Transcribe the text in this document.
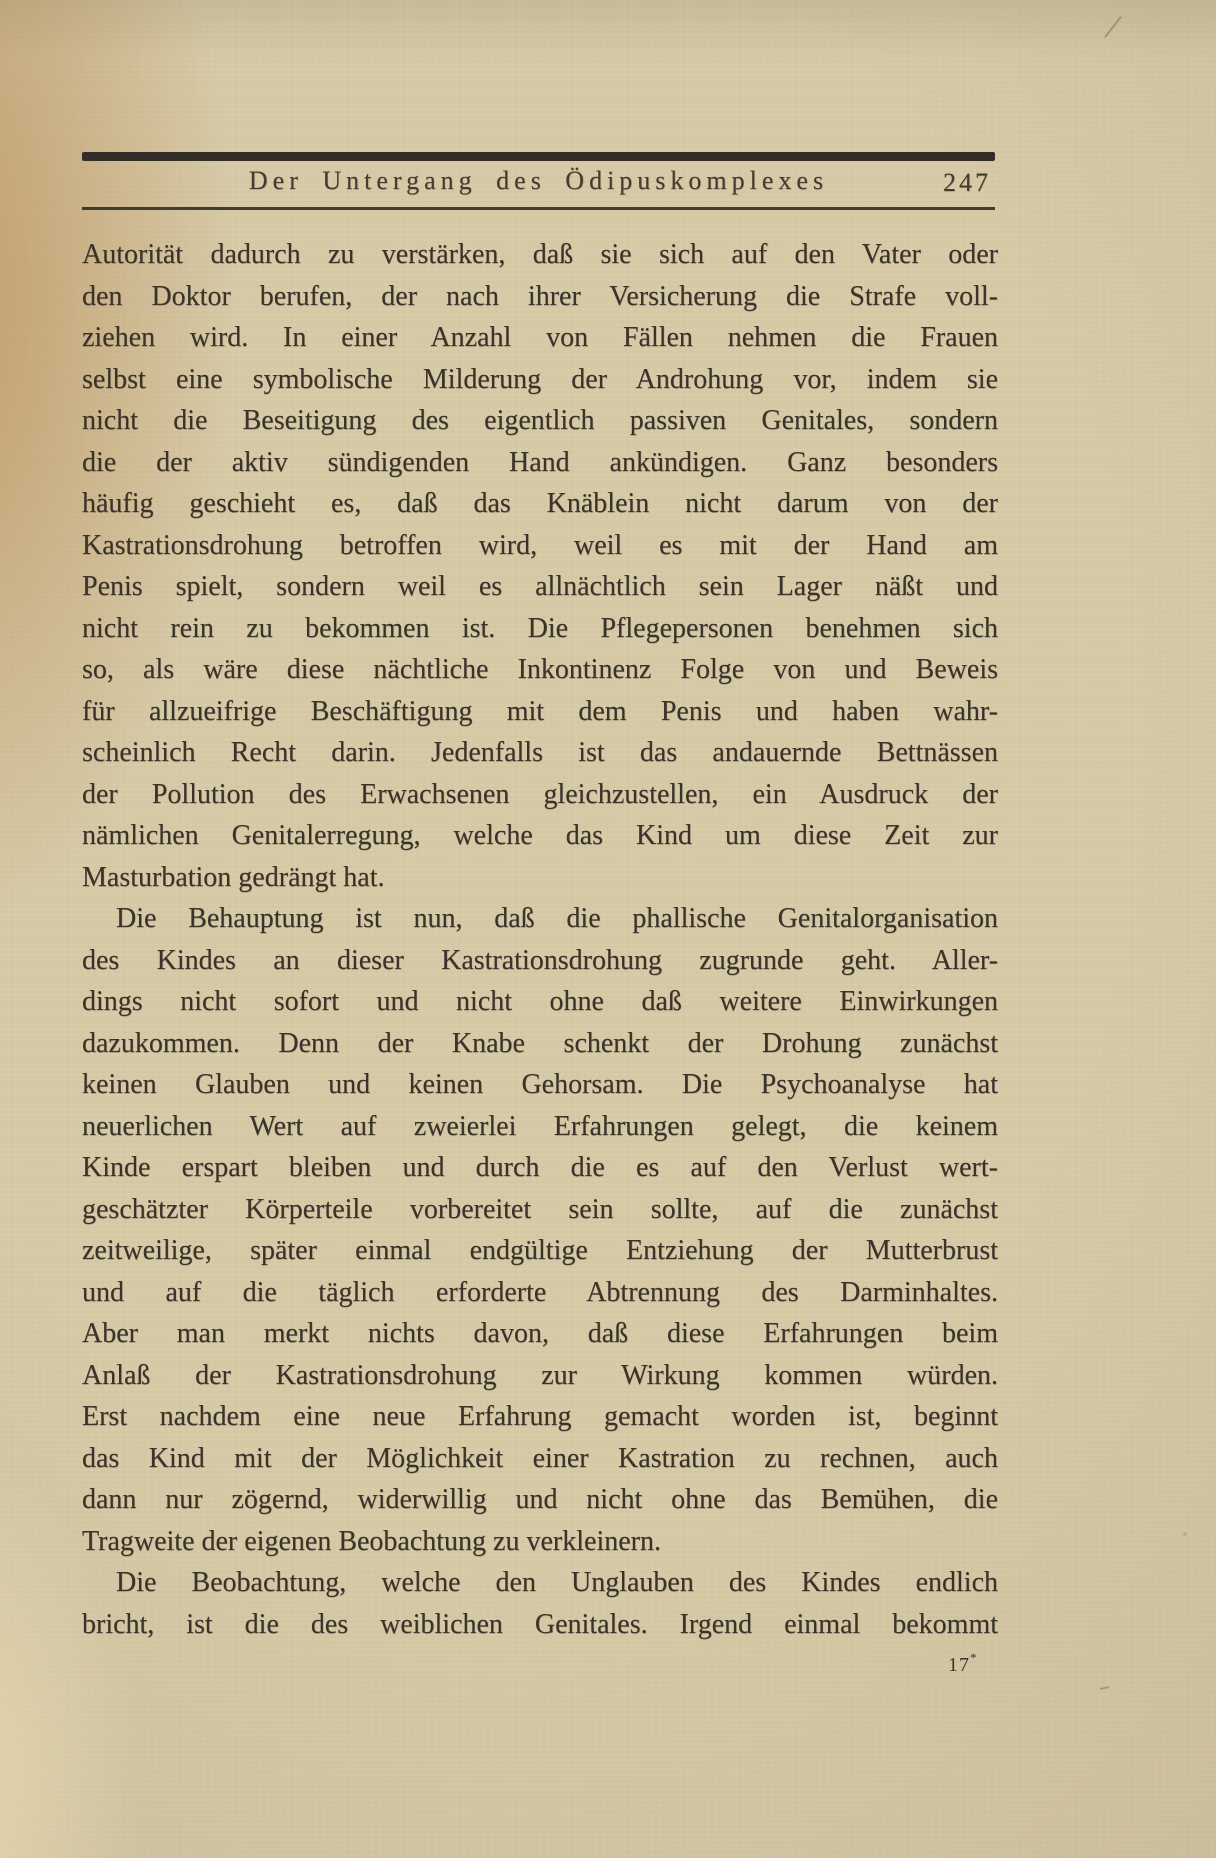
Der Untergang des Ödipuskomplexes	247
Autorität dadurch zu verstärken, daß sie sich auf den Vater oder
den Doktor berufen, der nach ihrer Versicherung die Strafe voll-
ziehen wird. In einer Anzahl von Fällen nehmen die Frauen
selbst eine symbolische Milderung der Androhung vor, indem sie
nicht die Beseitigung des eigentlich passiven Genitales, sondern
die der aktiv sündigenden Hand ankündigen. Ganz besonders
häufig geschieht es, daß das Knäblein nicht darum von der
Kastrationsdrohung betroffen wird, weil es mit der Hand am
Penis spielt, sondern weil es allnächtlich sein Lager näßt und
nicht rein zu bekommen ist. Die Pflegepersonen benehmen sich
so, als wäre diese nächtliche Inkontinenz Folge von und Beweis
für allzueifrige Beschäftigung mit dem Penis und haben wahr-
scheinlich Recht darin. Jedenfalls ist das andauernde Bettnässen
der Pollution des Erwachsenen gleichzustellen, ein Ausdruck der
nämlichen Genitalerregung, welche das Kind um diese Zeit zur
Masturbation gedrängt hat.
Die Behauptung ist nun, daß die phallische Genitalorganisation
des Kindes an dieser Kastrationsdrohung zugrunde geht. Aller-
dings nicht sofort und nicht ohne daß weitere Einwirkungen
dazukommen. Denn der Knabe schenkt der Drohung zunächst
keinen Glauben und keinen Gehorsam. Die Psychoanalyse hat
neuerlichen Wert auf zweierlei Erfahrungen gelegt, die keinem
Kinde erspart bleiben und durch die es auf den Verlust wert-
geschätzter Körperteile vorbereitet sein sollte, auf die zunächst
zeitweilige, später einmal endgültige Entziehung der Mutterbrust
und auf die täglich erforderte Abtrennung des Darminhaltes.
Aber man merkt nichts davon, daß diese Erfahrungen beim
Anlaß der Kastrationsdrohung zur Wirkung kommen würden.
Erst nachdem eine neue Erfahrung gemacht worden ist, beginnt
das Kind mit der Möglichkeit einer Kastration zu rechnen, auch
dann nur zögernd, widerwillig und nicht ohne das Bemühen, die
Tragweite der eigenen Beobachtung zu verkleinern.
Die Beobachtung, welche den Unglauben des Kindes endlich
bricht, ist die des weiblichen Genitales. Irgend einmal bekommt
17*
